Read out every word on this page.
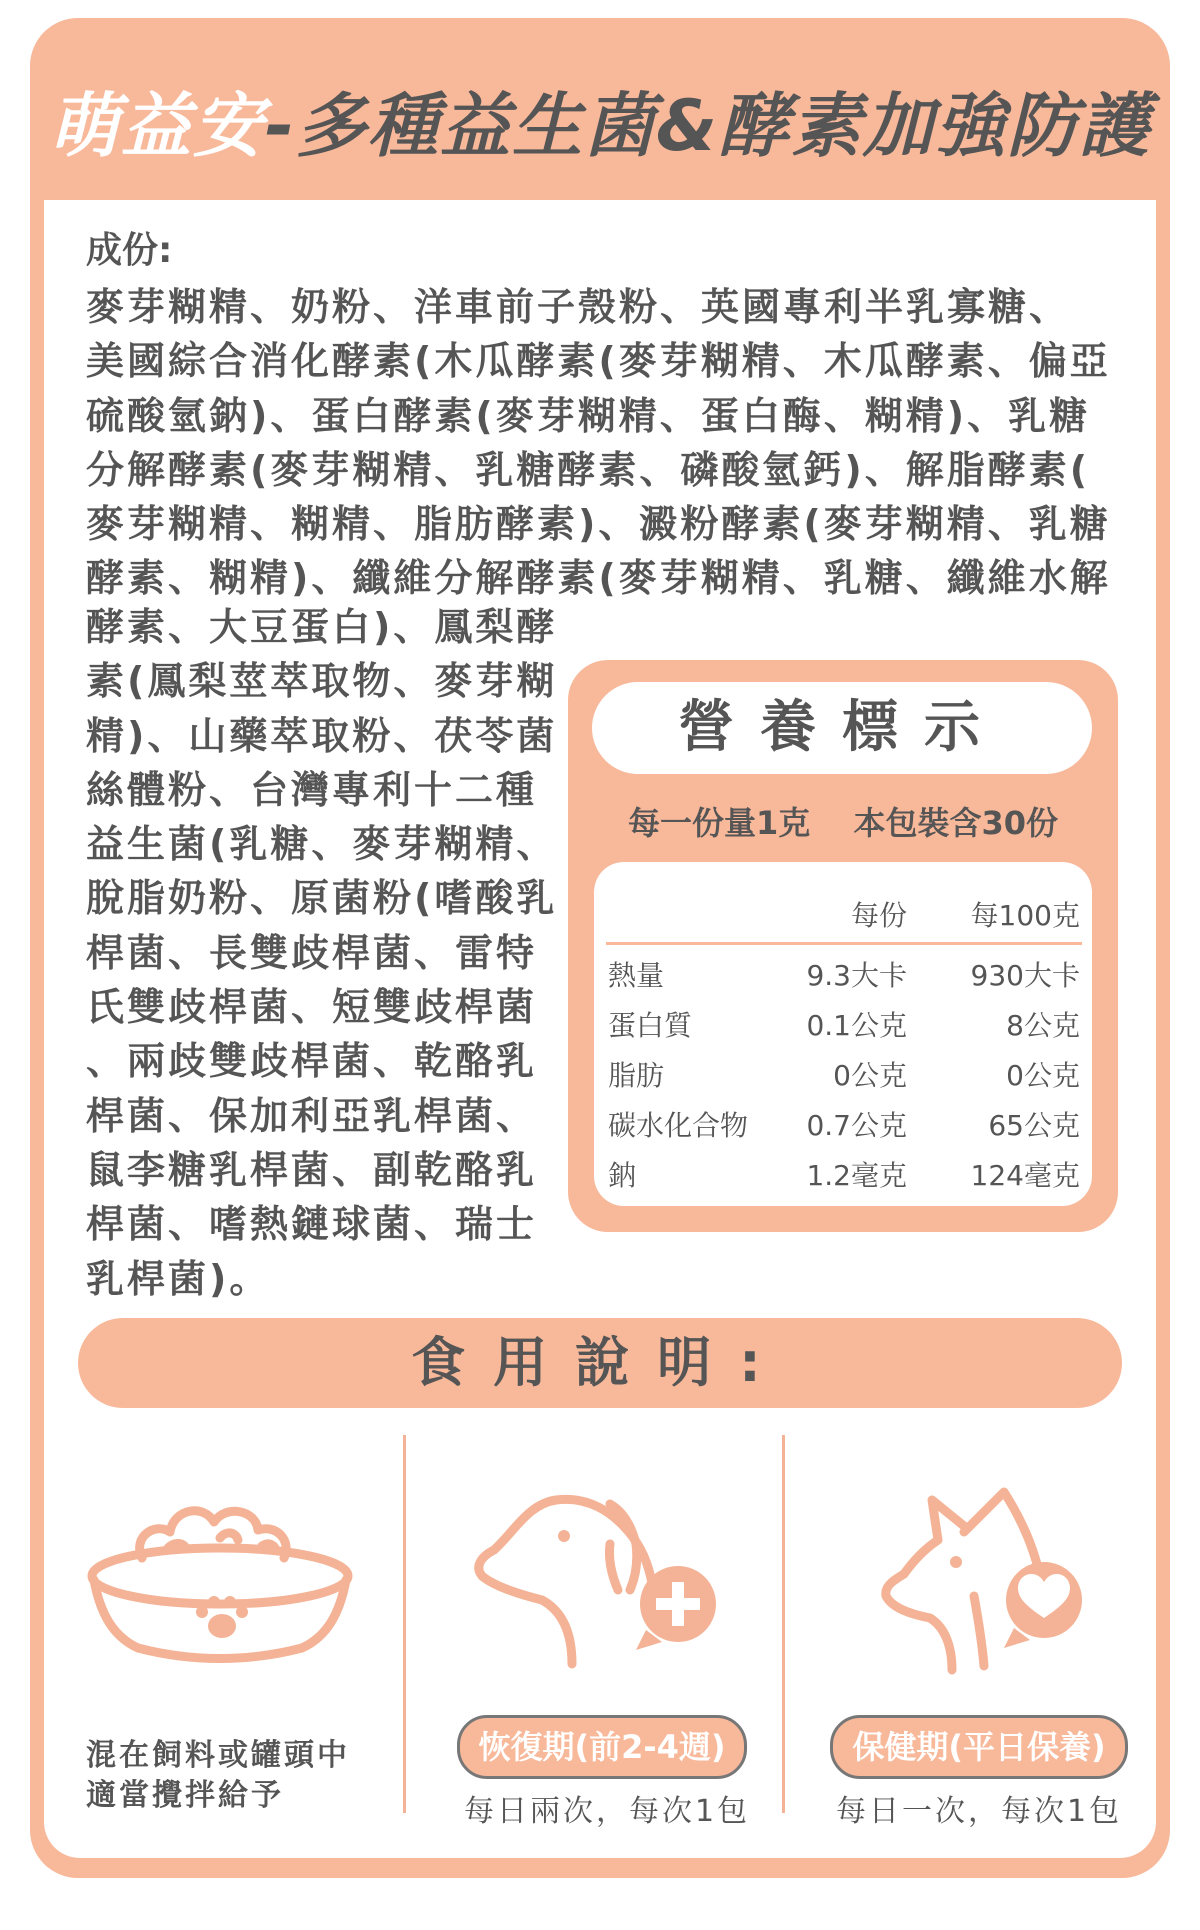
萌益安-多種益生菌&酵素加強防護
成份:
麥芽糊精、奶粉、洋車前子殼粉、英國專利半乳寡糖、
美國綜合消化酵素(木瓜酵素(麥芽糊精、木瓜酵素、偏亞
硫酸氫鈉)、蛋白酵素(麥芽糊精、蛋白酶、糊精)、乳糖
分解酵素(麥芽糊精、乳糖酵素、磷酸氫鈣)、解脂酵素(
麥芽糊精、糊精、脂肪酵素)、澱粉酵素(麥芽糊精、乳糖
酵素、糊精)、纖維分解酵素(麥芽糊精、乳糖、纖維水解
酵素、大豆蛋白)、鳳梨酵
素(鳳梨莖萃取物、麥芽糊
精)、山藥萃取粉、茯苓菌
絲體粉、台灣專利十二種
益生菌(乳糖、麥芽糊精、
脫脂奶粉、原菌粉(嗜酸乳
桿菌、長雙歧桿菌、雷特
氏雙歧桿菌、短雙歧桿菌
、兩歧雙歧桿菌、乾酪乳
桿菌、保加利亞乳桿菌、
鼠李糖乳桿菌、副乾酪乳
桿菌、嗜熱鏈球菌、瑞士
乳桿菌)。
營養標示
每一份量1克 本包裝含30份
每份 每100克
熱量	9.3大卡 930大卡
蛋白質	0.1公克	8公克
脂肪	0公克	0公克
碳水化合物 0.7公克	65公克
鈉	1.2毫克 124毫克
食用說明:
混在飼料或罐頭中
適當攪拌給予
恢復期(前2-4週)
每日兩次，每次1包
保健期(平日保養)
每日一次，每次1包
